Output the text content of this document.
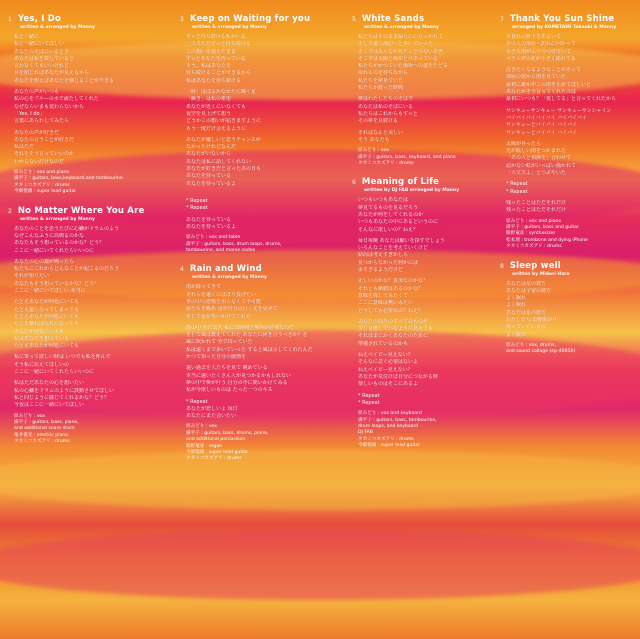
1 Yes, I Do
written & arranged by Manny
私と一緒に
私と一緒にいてほしい
あなたのそばにいるとき
あなたは私を愛していると
言わなくてもいいけれど
目を閉じればあなたが見えるから
あなたを想えばあなたを感じることができる
あなたの声がいつも
私の心をブルーの水で満たしてくれた
なぜならいまも変わらないから
「Yes, I do」
言葉にあらわしてみたら
あなたの声が好きだ
あなたの言うことが好きだ
私はただ
それをそう言っていいのか
わからないだけなのだ
原みどり : vox and piano
満平子 : guitars, bass,keyboard,and tambourine
タカミコカズアリ : drums
今畑悦雄 : super lead guitar
2 No Matter Where You Are
written & arranged by Manny
あなたのことを思うたびに心臓がドラムのよう
なぜこんなふうに高鳴るのかな
あなたもそう想っているのかな？どう？
ここに一緒にいてくれたらいいのに
あなたの心の鐘が鳴ったら
私たちにこれからどんなことが起こるのだろう
それが知りたい
あなたもそう想っているかな？どう？
ここに一緒にいてほしい 本当に
たとえあなたが何処にいても
たとえ遠くなってしまっても
たとえあなたが何処にいても
たとえ離ればなれになっても
あなたが何処にいても
私はあなたを想っている
たとえあなたが何処にいても
私に寄って欲しい時は いつでも私を呼んで
そう私に伝えてほしいの
ここに一緒にいてくれたらいいのに
私はただあなたの心を想いたい
私の心臓をドラムのように鼓動させてほしい
私と同じように感じてくれるかな？どう？
今夜はここに一緒にいてほしい
原みどり : vox
満平子 : guitars, bass, piano,
and additional snare drum
亀井貴光 : electric piano
タカミコカズアリ : drums
3 Keep on Waiting for you
written & arranged by Manny
ずっと待ち続ける私がいる
一人でただずっと待ち続ける
この想いを抱えたまま
ずっとあなたを待っている
そう、私はあなたを
待ち続けることができるから
私はあなたを待ち続ける
「時」はほるかなかたに輝く星
「瞬き」は私の希望
あなたが近くにいなくても
夜空を見上げて想う
どうかこの想いが届きますように
もう一度だけ会えるように
あなたが優しいと思うチャンスが
なかったけれどなんだ
あなたがいないから
あなたは私に話してくれない
あなたが好きだと言ったあの日も
あなたを待っている
あなたを待っているよ
* Repeat
* Repeat
あなたを待っている
あなたを待っているよ
原みどり : vox and table
満平子 : guitars, bass, drum loops, drums,
tambourine, and morse codes
4 Rain and Wind
written & arranged by Manny
雨が降ってきて
それらを遠くにほほり投げたい
世の中の悲嘆を知らなくて不可能
屋たちを眺め 星が自分の行く先を見せて
そして星が笑いかけてくれた
雨の中 外に出た 私には時間と場所が必要なのだ
そして風は教えてくれた あなたに何を言うべきか？を
風に吹かれて 外で待っていた
私は遠くまで歩いていった すると風は示してくれたんだ
かつて知った自分の感情を
遠い過去を人たちを見て 眺めている
本当に遠いたくさん人が見つかるかもしれない
夢の中で夢が叶う 自分の中に問いかけてみる
私が今欲しいものは たった一つのキス
* Repeat
あなたが恋しいよ 毎日
あなたにまた会いたい
原みどり : vox
満平子 : guitars, bass, drums, piano,
and additional percussion
飯野竜彦 : organ
今畑悦雄 : super lead guitar
タカミコカズアリ : drums
5 White Sands
written & arranged by Manny
私たちはそのまま偏りに心ひっかれて
そして遠く海辺へと歩いていった
そこではみんなが見たことのない景色
そこでは太陽と海がとけあっている
私たちがかつていた場所への道をたどる
ゆれるのを待ちながら
私たちを夢見ていた
私たちが渡った時間
夢はわたしたちのそばで
あなたは私のそばにいる
私たちはこれからもずっと
その夢を見続ける
それはなんと美しい
そう あなたも
原みどり : vox
満平子 : guitars, bass, keyboard, and piano
タカミコカズアリ : drums
6 Meaning of Life
written by DJ FAB arranged by Manny
いつもいつもあなたは
夢見てるものを見るだろう
あなたが何をしてくれるのか
いつもあなたの中にあるというのに
そんなに欲しいの？ねえ？
毎日毎晩 あなたは願いを探すでしょう
いろんなことを考えていくけど
結局は考えすぎかしら
見つからなかった何かには
多すぎるようだけど
正しいのかな？真実なのかな？
それとも価値はあるのかな？
意味を探してみたくて
ここに意味は無いみたい
どうしても必要なの？ねえ？
あなたの周りのすべてのものが
少し見逃しているように見えても
それはまにかくあなたのために
準備されているのかも
ねえベイビー見えない？
そんなに急ぐ必要はないよ
ねえベイビー見えない？
あなたが気付けば自分につながる時
楽しいものはそこにあるよ
* Repeat
* Repeat
原みどり : vox and keyboard
満平子 : guitars, bass, tambourine,
drum loops, and keyboard
DJ FAB
タカミコカズアリ : drums
今畑悦雄 : super lead guitar
7 Thank You Sun Shine
arranged by KOMETAMI Takaaki & Manny
夕暮れの軒下をあるいて
あの人の部屋へ訪ねに向かって
小さな雨がふりつづけていて
ベランダの花が小さく揺れてる
泣きたくなるようなことがあって
部屋の窓から雨を見ていた
最初に誰かがこの雨を止めてほしいと
あなたがそう言ってくれたのは
最初にいつも？「愛してる」と言ってくれたから
サンキューサンキュー サンキューサンシャイン
バイバイバイバイバイ バイバイバイ
サンキューとバイバイ バイバイ
サンキューとバイバイ バイバイ
太陽が昇ったら
光が眩しい雨をつかまれた
「あの人と相談を」合わせて
届かない虹がいっぱい描かれて
「大丈夫よ」とつぶやいた
* Repeat
* Repeat
残ったことはただそれだけ
残ったことはただそれだけ
原みどり : vox and piano
満平子 : guitars, bass and guitar
飯野竜彦 : synthesizer
松本理 : trombone and dying iPhone
タカミコカズアリ : drums
8 Sleep well
written by Midori Hara
あなたは星の彼方
あなたは宇宙の彼方
よく眠れ
よく眠れ
あなたは星の彼方
わたしたちは地球の中
持っていたいもの
よく眠れ
原みどり : vox, drums,
and sound collage (ep-4065X)
